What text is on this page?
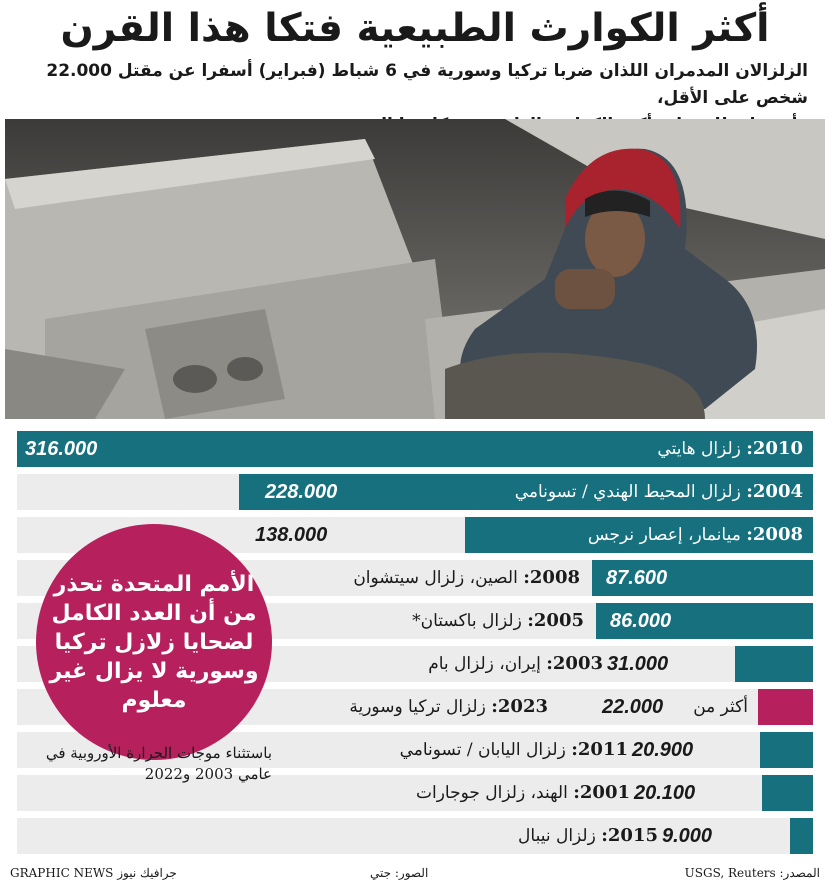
أكثر الكوارث الطبيعية فتكا هذا القرن
الزلزالان المدمران اللذان ضربا تركيا وسورية في 6 شباط (فبراير) أسفرا عن مقتل 22.000 شخص على الأقل،
2010: زلزال هايتي
316.000
2004: زلزال المحيط الهندي / تسونامي
228.000
2008: ميانمار، إعصار نرجس
138.000
2008: الصين، زلزال سيتشوان	87.600
2005: زلزال باكستان*	86.000
2003: إيران، زلزال بام	31.000
2023: زلزال تركيا وسورية	22.000 أكثر من
2011: زلزال اليابان / تسونامي	20.900
2001: الهند، زلزال جوجارات	20.100
2015: زلزال نيبال	9.000
الأمم المتحدة تحذر من أن العدد الكامل لضحايا زلازل تركيا وسورية لا يزال غير معلوم
باستثناء موجات الحرارة الأوروبية في عامي 2003 و2022
GRAPHIC NEWS جرافيك نيوز	الصور: جتي	المصدر: USGS, Reuters
